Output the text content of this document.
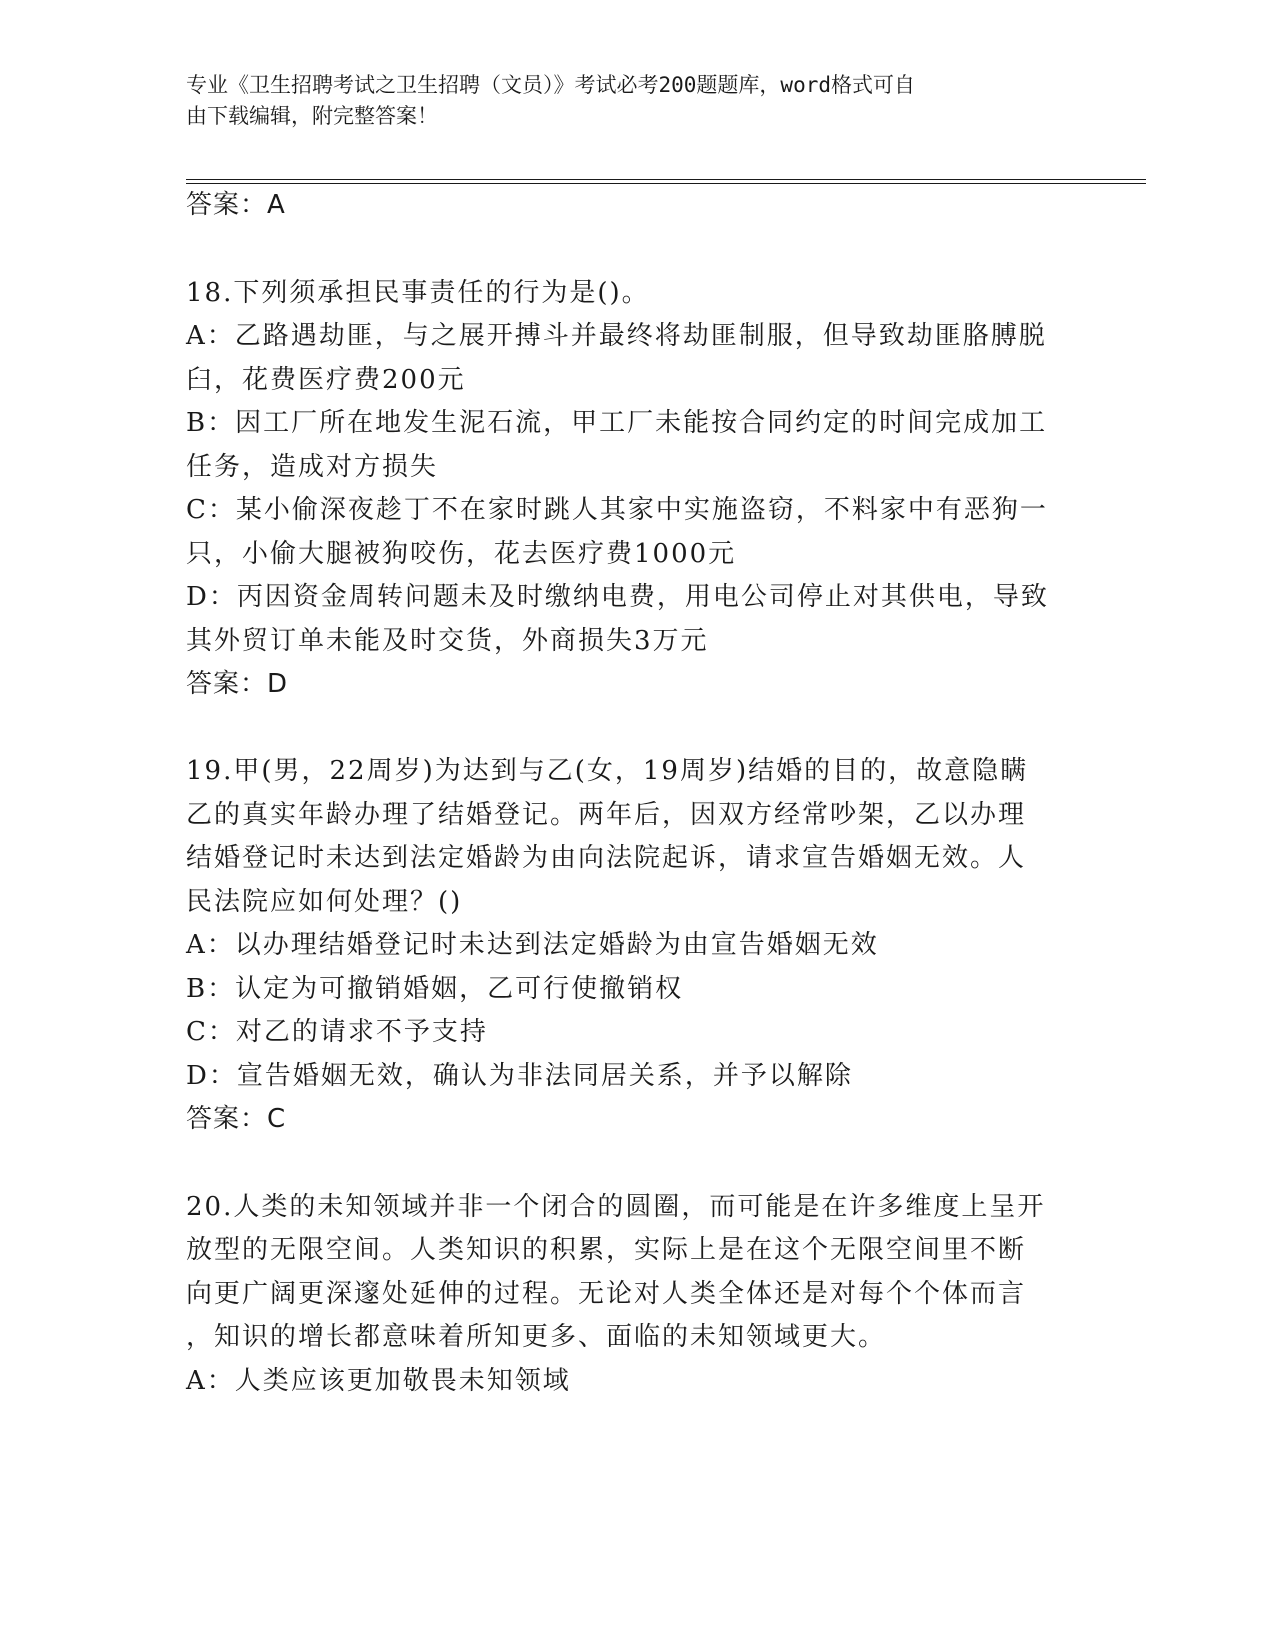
专业《卫生招聘考试之卫生招聘（文员）》考试必考200题题库，word格式可自
由下载编辑，附完整答案！
答案：A
18.下列须承担民事责任的行为是()。
A：乙路遇劫匪，与之展开搏斗并最终将劫匪制服，但导致劫匪胳膊脱
臼，花费医疗费200元
B：因工厂所在地发生泥石流，甲工厂未能按合同约定的时间完成加工
任务，造成对方损失
C：某小偷深夜趁丁不在家时跳人其家中实施盗窃，不料家中有恶狗一
只，小偷大腿被狗咬伤，花去医疗费1000元
D：丙因资金周转问题未及时缴纳电费，用电公司停止对其供电，导致
其外贸订单未能及时交货，外商损失3万元
答案：D
19.甲(男，22周岁)为达到与乙(女，19周岁)结婚的目的，故意隐瞒
乙的真实年龄办理了结婚登记。两年后，因双方经常吵架，乙以办理
结婚登记时未达到法定婚龄为由向法院起诉，请求宣告婚姻无效。人
民法院应如何处理？()
A：以办理结婚登记时未达到法定婚龄为由宣告婚姻无效
B：认定为可撤销婚姻，乙可行使撤销权
C：对乙的请求不予支持
D：宣告婚姻无效，确认为非法同居关系，并予以解除
答案：C
20.人类的未知领域并非一个闭合的圆圈，而可能是在许多维度上呈开
放型的无限空间。人类知识的积累，实际上是在这个无限空间里不断
向更广阔更深邃处延伸的过程。无论对人类全体还是对每个个体而言
，知识的增长都意味着所知更多、面临的未知领域更大。
A：人类应该更加敬畏未知领域
